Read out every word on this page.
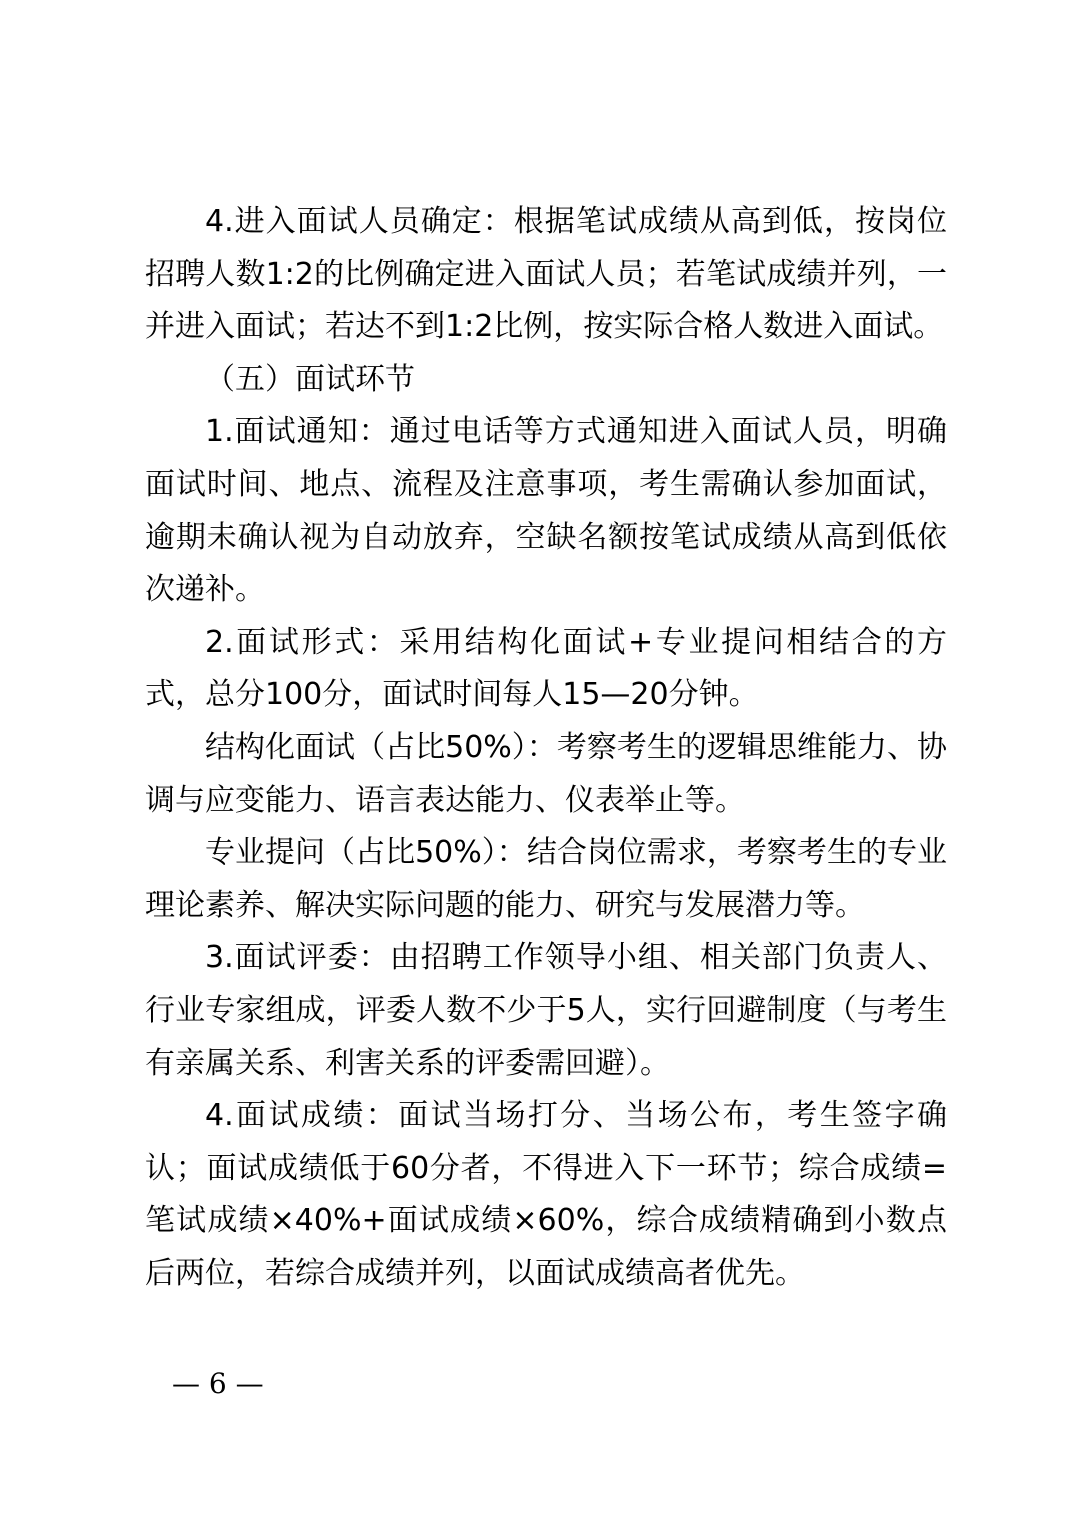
4.进入面试人员确定：根据笔试成绩从高到低，按岗位招聘人数1:2的比例确定进入面试人员；若笔试成绩并列，一并进入面试；若达不到1:2比例，按实际合格人数进入面试。

（五）面试环节

1.面试通知：通过电话等方式通知进入面试人员，明确面试时间、地点、流程及注意事项，考生需确认参加面试，逾期未确认视为自动放弃，空缺名额按笔试成绩从高到低依次递补。

2.面试形式：采用结构化面试+专业提问相结合的方式，总分100分，面试时间每人15—20分钟。

结构化面试（占比50%）：考察考生的逻辑思维能力、协调与应变能力、语言表达能力、仪表举止等。

专业提问（占比50%）：结合岗位需求，考察考生的专业理论素养、解决实际问题的能力、研究与发展潜力等。

3.面试评委：由招聘工作领导小组、相关部门负责人、行业专家组成，评委人数不少于5人，实行回避制度（与考生有亲属关系、利害关系的评委需回避）。

4.面试成绩：面试当场打分、当场公布，考生签字确认；面试成绩低于60分者，不得进入下一环节；综合成绩=笔试成绩×40%+面试成绩×60%，综合成绩精确到小数点后两位，若综合成绩并列，以面试成绩高者优先。

— 6 —
